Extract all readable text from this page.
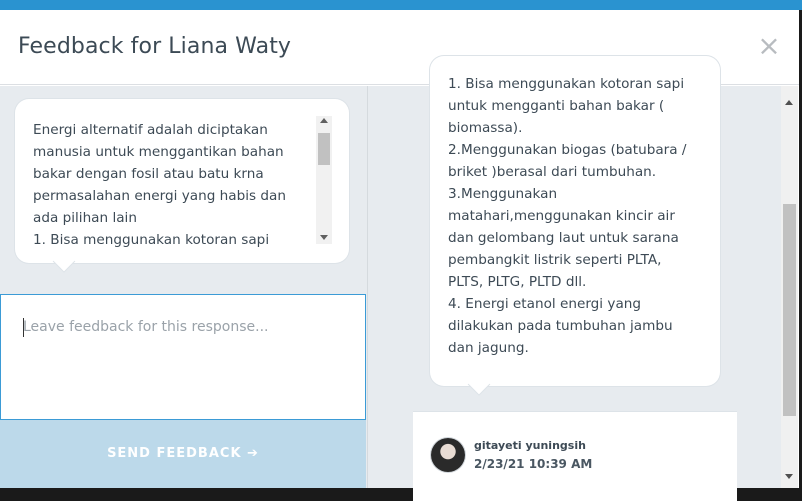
Feedback for Liana Waty	×
Energi alternatif adalah diciptakan manusia untuk menggantikan bahan bakar dengan fosil atau batu krna permasalahan energi yang habis dan ada pilihan lain
1. Bisa menggunakan kotoran sapi
Leave feedback for this response...
SEND FEEDBACK ➔
1. Bisa menggunakan kotoran sapi
untuk mengganti bahan bakar (
biomassa).
2.Menggunakan biogas (batubara /
briket )berasal dari tumbuhan.
3.Menggunakan
matahari,menggunakan kincir air
dan gelombang laut untuk sarana
pembangkit listrik seperti PLTA,
PLTS, PLTG, PLTD dll.
4. Energi etanol energi yang
dilakukan pada tumbuhan jambu
dan jagung.
gitayeti yuningsih
2/23/21 10:39 AM
